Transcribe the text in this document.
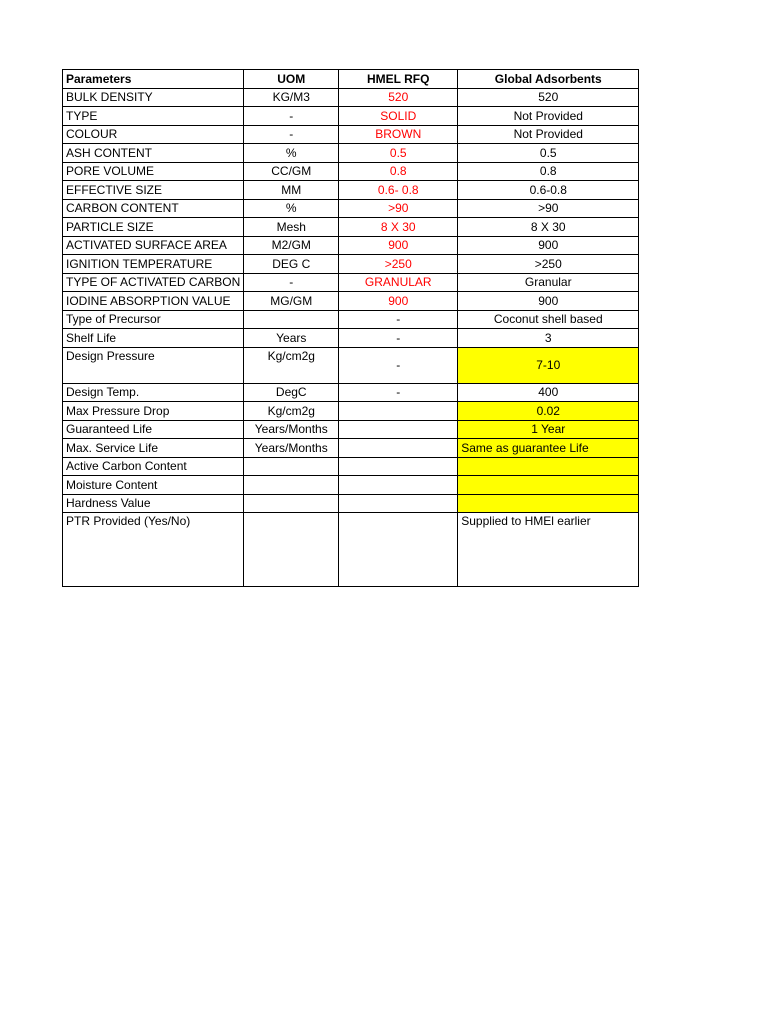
Parameters	UOM	HMEL RFQ	Global Adsorbents
BULK DENSITY	KG/M3	520	520
TYPE	-	SOLID	Not Provided
COLOUR	-	BROWN	Not Provided
ASH CONTENT	%	0.5	0.5
PORE VOLUME	CC/GM	0.8	0.8
EFFECTIVE SIZE	MM	0.6- 0.8	0.6-0.8
CARBON CONTENT	%	>90	>90
PARTICLE SIZE	Mesh	8 X 30	8 X 30
ACTIVATED SURFACE AREA	M2/GM	900	900
IGNITION TEMPERATURE	DEG C	>250	>250
TYPE OF ACTIVATED CARBON	-	GRANULAR	Granular
IODINE ABSORPTION VALUE	MG/GM	900	900
Type of Precursor		-	Coconut shell based
Shelf Life	Years	-	3
Design Pressure	Kg/cm2g	-	7-10
Design Temp.	DegC	-	400
Max Pressure Drop	Kg/cm2g		0.02
Guaranteed Life	Years/Months		1 Year
Max. Service Life	Years/Months		Same as guarantee Life
Active Carbon Content			
Moisture Content			
Hardness Value			
PTR Provided (Yes/No)			Supplied to HMEl earlier
